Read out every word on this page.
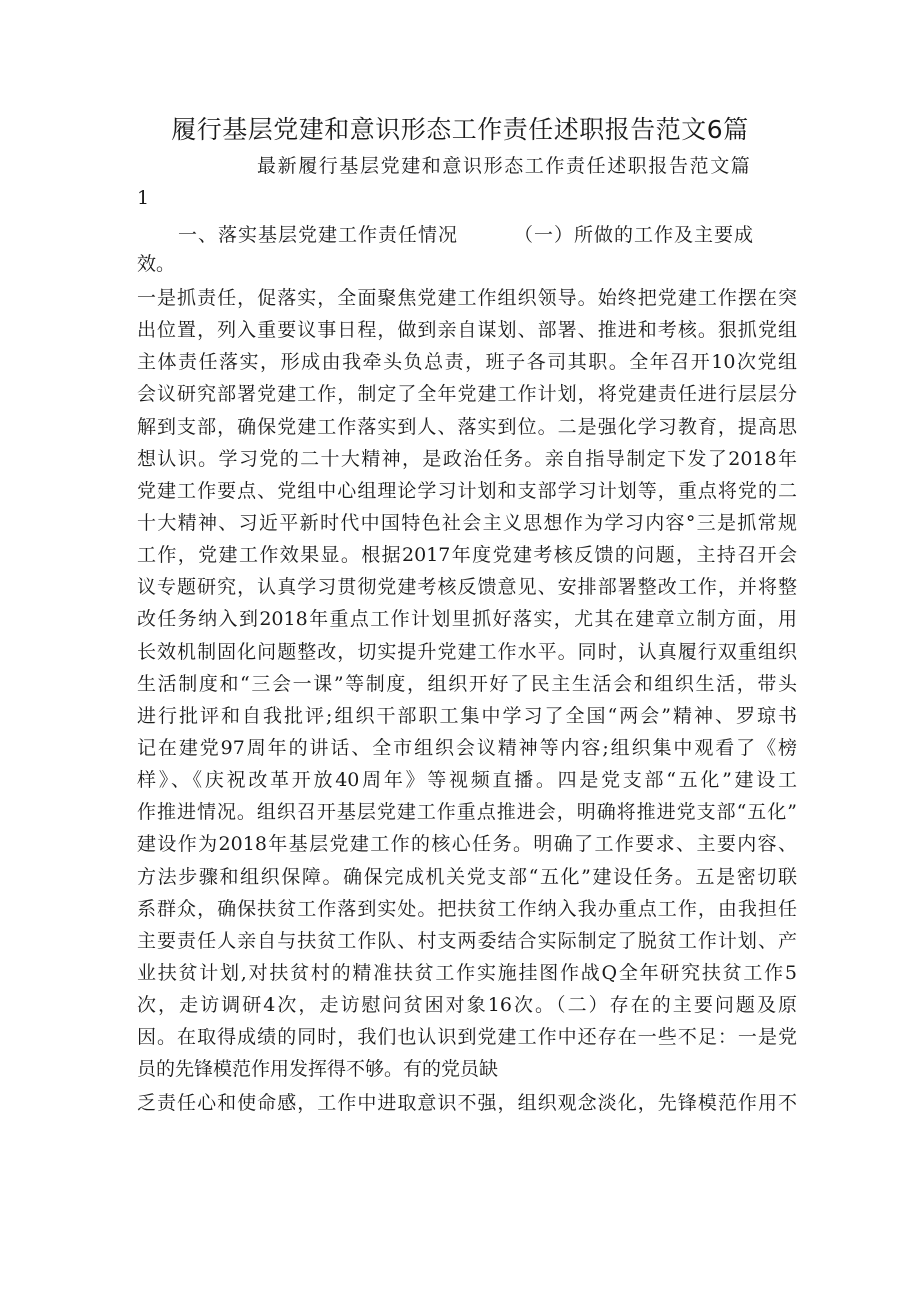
履行基层党建和意识形态工作责任述职报告范文6篇
最新履行基层党建和意识形态工作责任述职报告范文篇
1
一、落实基层党建工作责任情况	（一）所做的工作及主要成
效。
一是抓责任，促落实，全面聚焦党建工作组织领导。始终把党建工作摆在突
出位置，列入重要议事日程，做到亲自谋划、部署、推进和考核。狠抓党组
主体责任落实，形成由我牵头负总责，班子各司其职。全年召开10次党组
会议研究部署党建工作，制定了全年党建工作计划，将党建责任进行层层分
解到支部，确保党建工作落实到人、落实到位。二是强化学习教育，提高思
想认识。学习党的二十大精神，是政治任务。亲自指导制定下发了2018年
党建工作要点、党组中心组理论学习计划和支部学习计划等，重点将党的二
十大精神、习近平新时代中国特色社会主义思想作为学习内容°三是抓常规
工作，党建工作效果显。根据2017年度党建考核反馈的问题，主持召开会
议专题研究，认真学习贯彻党建考核反馈意见、安排部署整改工作，并将整
改任务纳入到2018年重点工作计划里抓好落实，尤其在建章立制方面，用
长效机制固化问题整改，切实提升党建工作水平。同时，认真履行双重组织
生活制度和“三会一课”等制度，组织开好了民主生活会和组织生活，带头
进行批评和自我批评;组织干部职工集中学习了全国“两会”精神、罗琼书
记在建党97周年的讲话、全市组织会议精神等内容;组织集中观看了《榜
样》、《庆祝改革开放40周年》等视频直播。四是党支部“五化”建设工
作推进情况。组织召开基层党建工作重点推进会，明确将推进党支部“五化”
建设作为2018年基层党建工作的核心任务。明确了工作要求、主要内容、
方法步骤和组织保障。确保完成机关党支部“五化”建设任务。五是密切联
系群众，确保扶贫工作落到实处。把扶贫工作纳入我办重点工作，由我担任
主要责任人亲自与扶贫工作队、村支两委结合实际制定了脱贫工作计划、产
业扶贫计划,对扶贫村的精准扶贫工作实施挂图作战Q全年研究扶贫工作5
次，走访调研4次，走访慰问贫困对象16次。（二）存在的主要问题及原
因。在取得成绩的同时，我们也认识到党建工作中还存在一些不足：一是党
员的先锋模范作用发挥得不够。有的党员缺
乏责任心和使命感，工作中进取意识不强，组织观念淡化，先锋模范作用不
